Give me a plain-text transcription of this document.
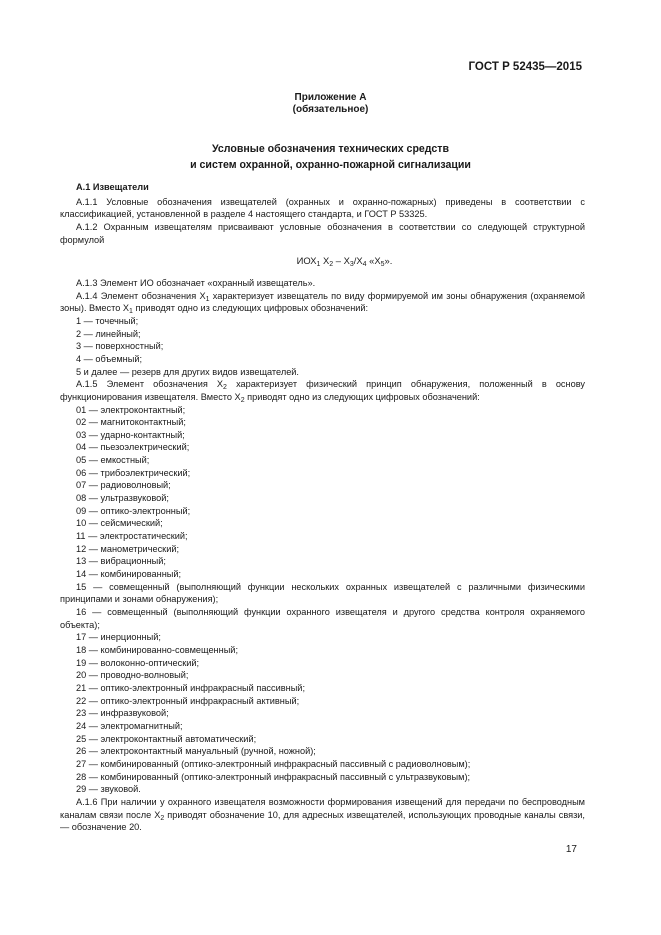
ГОСТ Р 52435—2015
Приложение А
(обязательное)
Условные обозначения технических средств
и систем охранной, охранно-пожарной сигнализации
А.1 Извещатели
А.1.1 Условные обозначения извещателей (охранных и охранно-пожарных) приведены в соответствии с классификацией, установленной в разделе 4 настоящего стандарта, и ГОСТ Р 53325.
А.1.2 Охранным извещателям присваивают условные обозначения в соответствии со следующей структурной формулой
$ИОХ_1$ $Х_2 - Х_3/Х_4$ «$Х_5$».
А.1.3 Элемент ИО обозначает «охранный извещатель».
А.1.4 Элемент обозначения $X_1$ характеризует извещатель по виду формируемой им зоны обнаружения (охраняемой зоны). Вместо $X_1$ приводят одно из следующих цифровых обозначений:
1 — точечный;
2 — линейный;
3 — поверхностный;
4 — объемный;
5 и далее — резерв для других видов извещателей.
А.1.5 Элемент обозначения $X_2$ характеризует физический принцип обнаружения, положенный в основу функционирования извещателя. Вместо $X_2$ приводят одно из следующих цифровых обозначений:
01 — электроконтактный;
02 — магнитоконтактный;
03 — ударно-контактный;
04 — пьезоэлектрический;
05 — емкостный;
06 — трибоэлектрический;
07 — радиоволновый;
08 — ультразвуковой;
09 — оптико-электронный;
10 — сейсмический;
11 — электростатический;
12 — манометрический;
13 — вибрационный;
14 — комбинированный;
15 — совмещенный (выполняющий функции нескольких охранных извещателей с различными физическими принципами и зонами обнаружения);
16 — совмещенный (выполняющий функции охранного извещателя и другого средства контроля охраняемого объекта);
17 — инерционный;
18 — комбинированно-совмещенный;
19 — волоконно-оптический;
20 — проводно-волновый;
21 — оптико-электронный инфракрасный пассивный;
22 — оптико-электронный инфракрасный активный;
23 — инфразвуковой;
24 — электромагнитный;
25 — электроконтактный автоматический;
26 — электроконтактный мануальный (ручной, ножной);
27 — комбинированный (оптико-электронный инфракрасный пассивный с радиоволновым);
28 — комбинированный (оптико-электронный инфракрасный пассивный с ультразвуковым);
29 — звуковой.
А.1.6 При наличии у охранного извещателя возможности формирования извещений для передачи по беспроводным каналам связи после $X_2$ приводят обозначение 10, для адресных извещателей, использующих проводные каналы связи, — обозначение 20.
17
